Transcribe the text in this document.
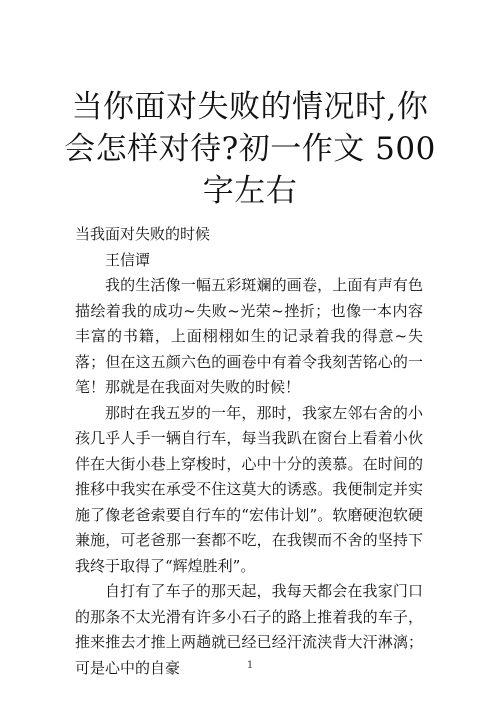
当你面对失败的情况时,你会怎样对待?初一作文 500 字左右

当我面对失败的时候

王信谭

我的生活像一幅五彩斑斓的画卷，上面有声有色描绘着我的成功~失败~光荣~挫折；也像一本内容丰富的书籍，上面栩栩如生的记录着我的得意~失落；但在这五颜六色的画卷中有着令我刻苦铭心的一笔！那就是在我面对失败的时候！

那时在我五岁的一年，那时，我家左邻右舍的小孩几乎人手一辆自行车，每当我趴在窗台上看着小伙伴在大街小巷上穿梭时，心中十分的羡慕。在时间的推移中我实在承受不住这莫大的诱惑。我便制定并实施了像老爸索要自行车的“宏伟计划”。软磨硬泡软硬兼施，可老爸那一套都不吃，在我锲而不舍的坚持下我终于取得了“辉煌胜利”。

自打有了车子的那天起，我每天都会在我家门口的那条不太光滑有许多小石子的路上推着我的车子，推来推去才推上两趟就已经已经汗流浃背大汗淋漓；可是心中的自豪	1
